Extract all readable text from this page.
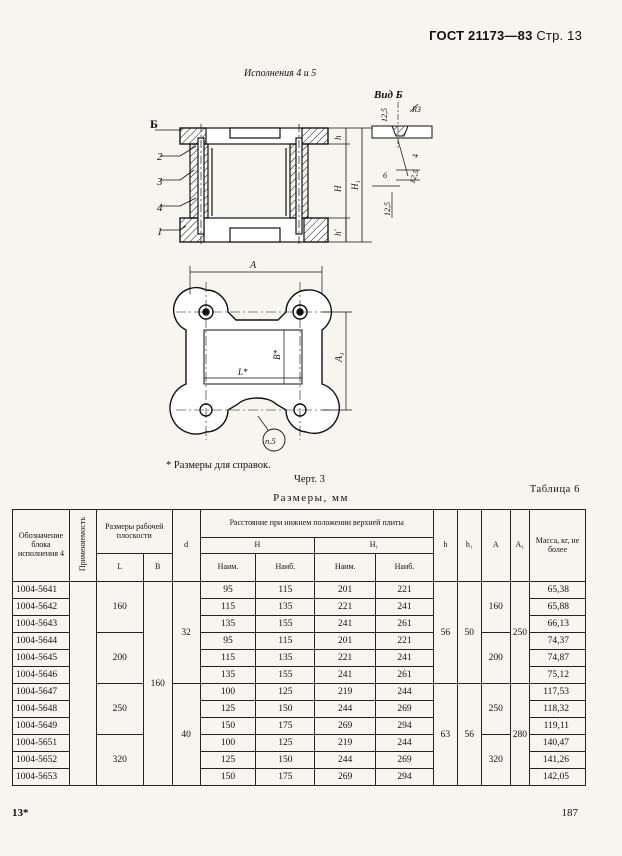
ГОСТ 21173—83 Стр. 13
Исполнения 4 и 5
Б
2
3
4
1
h
H H₁
h'
Вид Б
R3
12,5
4
6	12,5
12,5
A
A₁
B*
L*
п.5
* Размеры для справок.
Черт. 3
Таблица 6
Размеры, мм
Обозначение блока исполнения 4	Применяемость	Размеры рабочей плоскости		d	Расстояние при нижнем положении верхней плиты				h	h₁	A	A₁	Масса, кг, не более
					H		H₁						
		L	B		Наим.	Наиб.	Наим.	Наиб.					
1004-5641		160		32	95	115	201	221	56	50	160	250	65,38
1004-5642					115	135	221	241					65,88
1004-5643					135	155	241	261					66,13
1004-5644		200			95	115	201	221			200		74,37
1004-5645					115	135	221	241					74,87
1004-5646			160		135	155	241	261					75,12
1004-5647		250		40	100	125	219	244	63	56	250	280	117,53
1004-5648					125	150	244	269					118,32
1004-5649					150	175	269	294					119,11
1004-5651		320			100	125	219	244			320		140,47
1004-5652					125	150	244	269					141,26
1004-5653					150	175	269	294					142,05
13*	187
